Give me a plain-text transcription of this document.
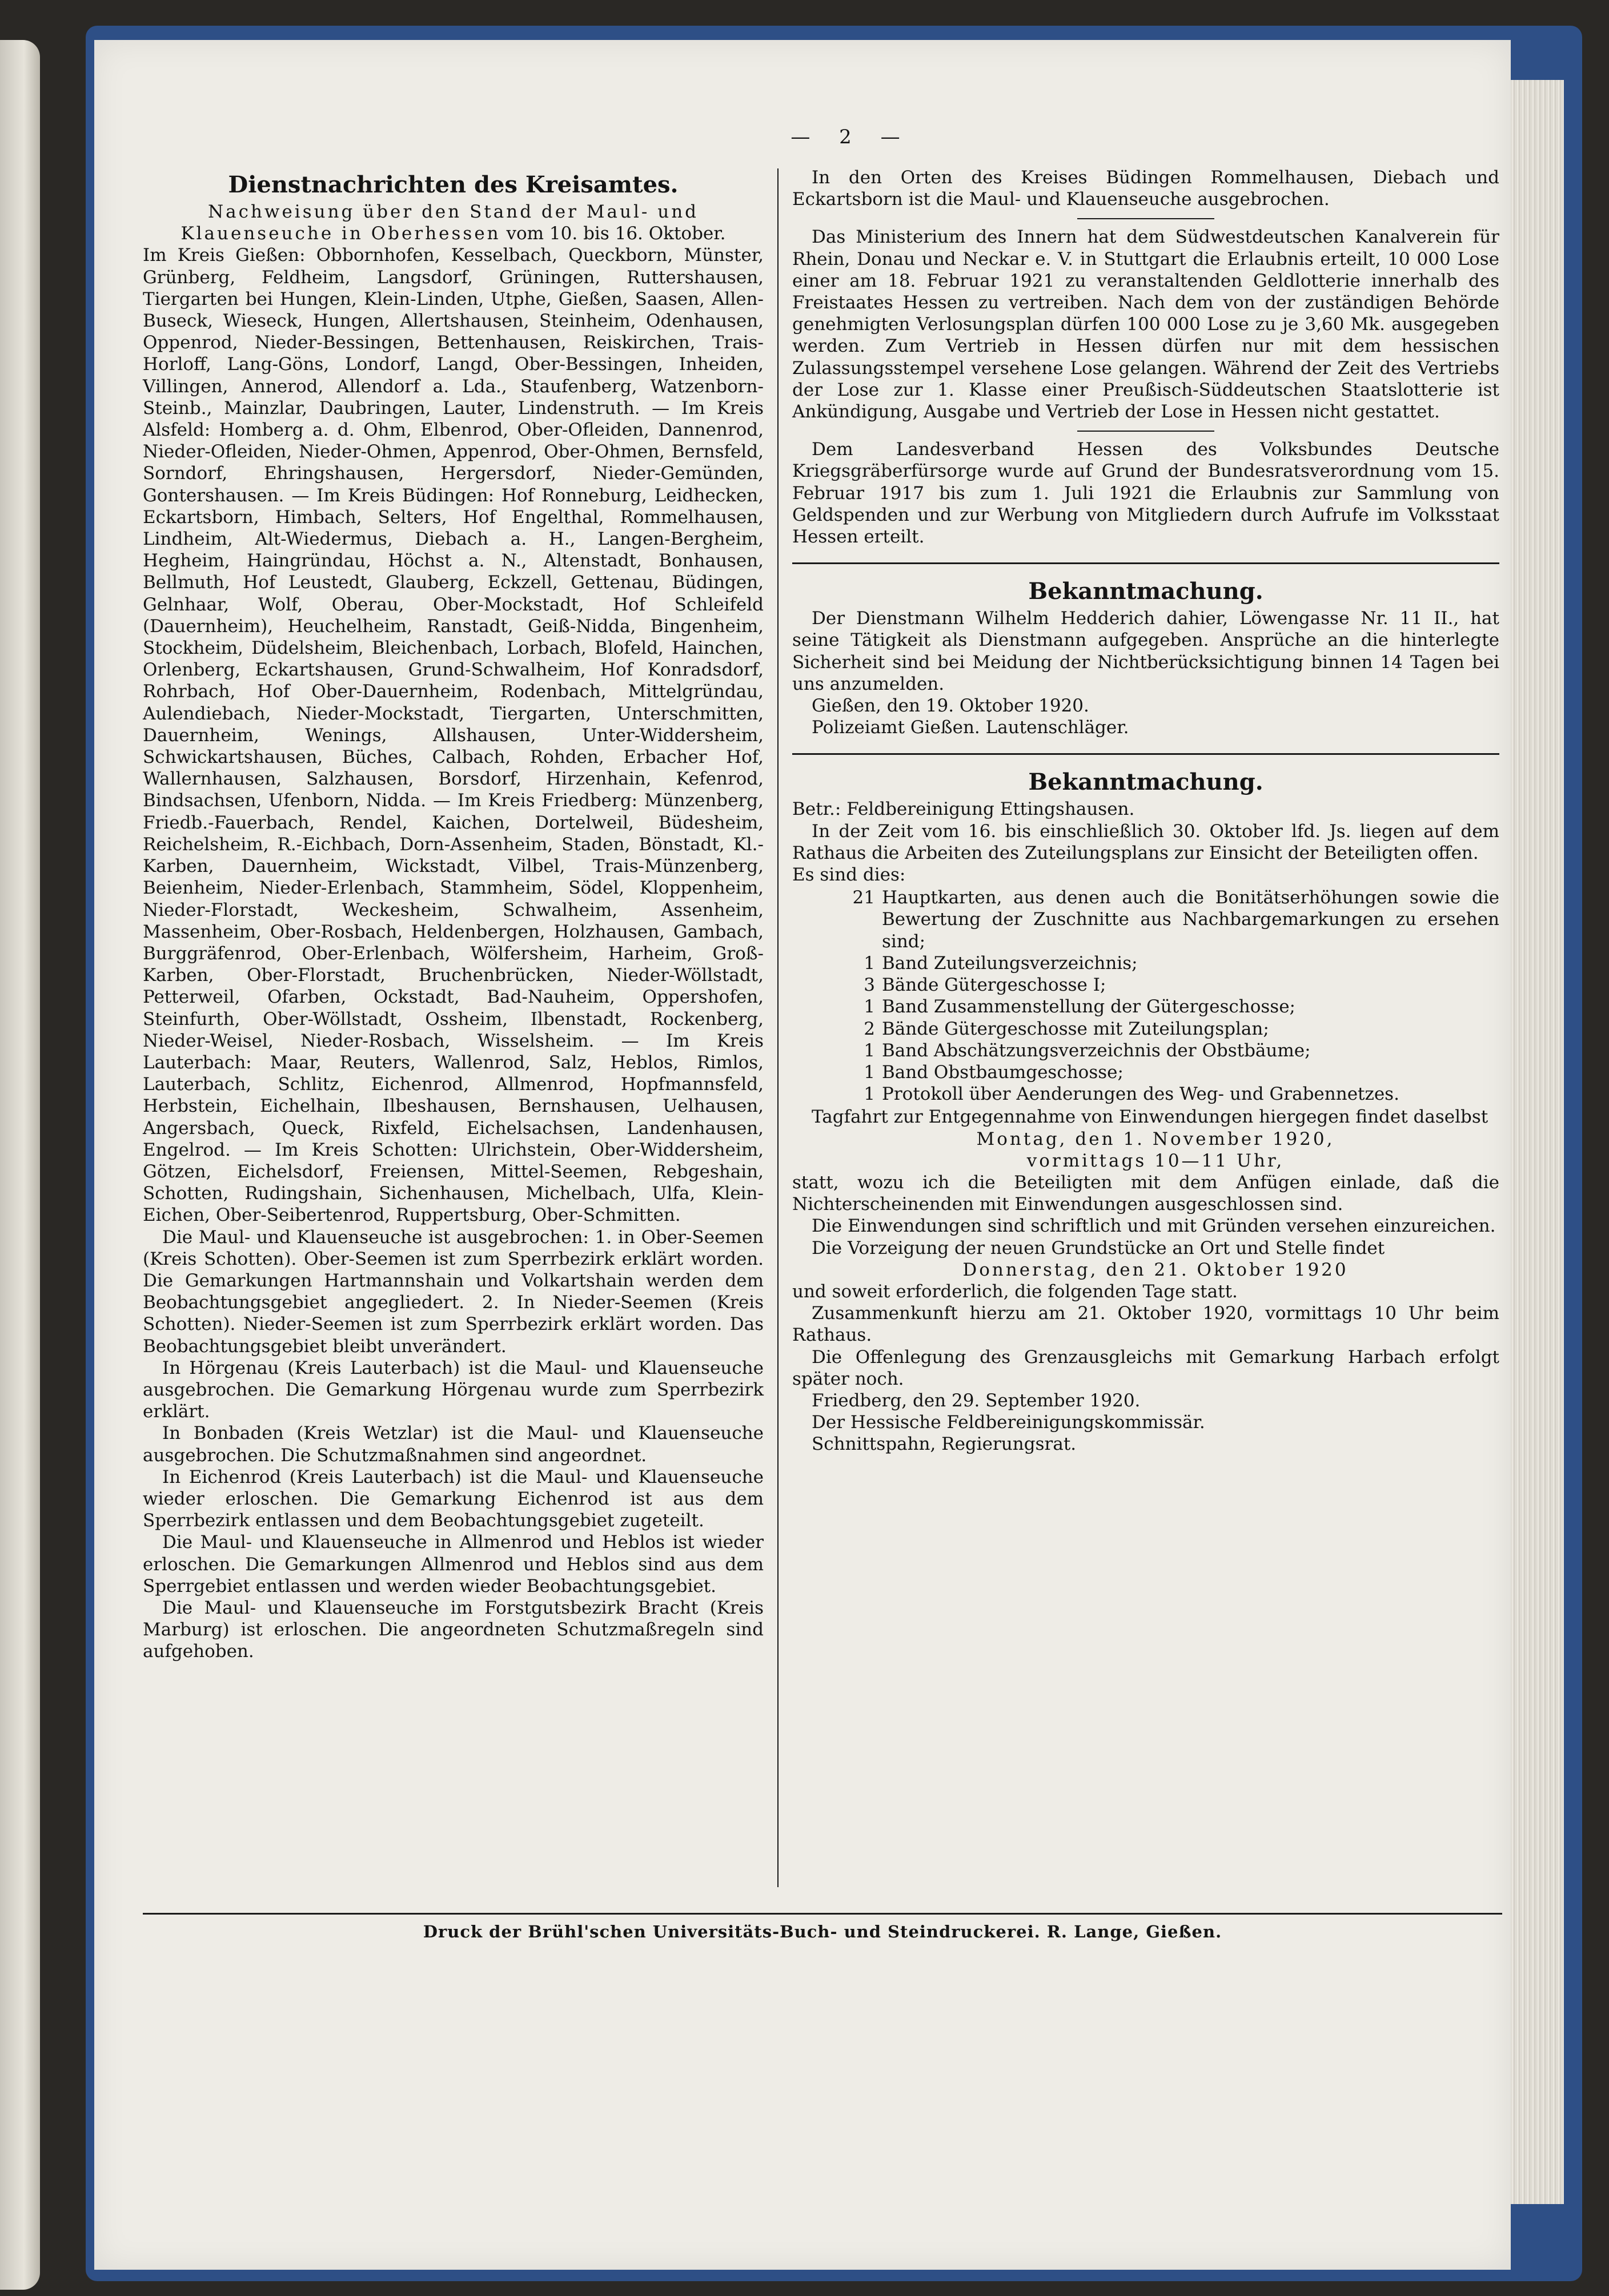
— 2 —
Dienstnachrichten des Kreisamtes.

Nachweisung über den Stand der Maul- und Klauenseuche in Oberhessen vom 10. bis 16. Oktober.

Im Kreis Gießen: Obbornhofen, Kesselbach, Queckborn, Münster, Grünberg, Feldheim, Langsdorf, Grüningen, Ruttershausen, Tiergarten bei Hungen, Klein-Linden, Utphe, Gießen, Saasen, Allen-Buseck, Wieseck, Hungen, Allertshausen, Steinheim, Odenhausen, Oppenrod, Nieder-Bessingen, Bettenhausen, Reiskirchen, Trais-Horloff, Lang-Göns, Londorf, Langd, Ober-Bessingen, Inheiden, Villingen, Annerod, Allendorf a. Lda., Staufenberg, Watzenborn-Steinb., Mainzlar, Daubringen, Lauter, Lindenstruth. — Im Kreis Alsfeld: Homberg a. d. Ohm, Elbenrod, Ober-Ofleiden, Dannenrod, Nieder-Ofleiden, Nieder-Ohmen, Appenrod, Ober-Ohmen, Bernsfeld, Sorndorf, Ehringshausen, Hergersdorf, Nieder-Gemünden, Gontershausen. — Im Kreis Büdingen: Hof Ronneburg, Leidhecken, Eckartsborn, Himbach, Selters, Hof Engelthal, Rommelhausen, Lindheim, Alt-Wiedermus, Diebach a. H., Langen-Bergheim, Hegheim, Haingründau, Höchst a. N., Altenstadt, Bonhausen, Bellmuth, Hof Leustedt, Glauberg, Eckzell, Gettenau, Büdingen, Gelnhaar, Wolf, Oberau, Ober-Mockstadt, Hof Schleifeld (Dauernheim), Heuchelheim, Ranstadt, Geiß-Nidda, Bingenheim, Stockheim, Düdelsheim, Bleichenbach, Lorbach, Blofeld, Hainchen, Orlenberg, Eckartshausen, Grund-Schwalheim, Hof Konradsdorf, Rohrbach, Hof Ober-Dauernheim, Rodenbach, Mittelgründau, Aulendiebach, Nieder-Mockstadt, Tiergarten, Unterschmitten, Dauernheim, Wenings, Allshausen, Unter-Widdersheim, Schwickartshausen, Büches, Calbach, Rohden, Erbacher Hof, Wallernhausen, Salzhausen, Borsdorf, Hirzenhain, Kefenrod, Bindsachsen, Ufenborn, Nidda. — Im Kreis Friedberg: Münzenberg, Friedb.-Fauerbach, Rendel, Kaichen, Dortelweil, Büdesheim, Reichelsheim, R.-Eichbach, Dorn-Assenheim, Staden, Bönstadt, Kl.-Karben, Dauernheim, Wickstadt, Vilbel, Trais-Münzenberg, Beienheim, Nieder-Erlenbach, Stammheim, Södel, Kloppenheim, Nieder-Florstadt, Weckesheim, Schwalheim, Assenheim, Massenheim, Ober-Rosbach, Heldenbergen, Holzhausen, Gambach, Burggräfenrod, Ober-Erlenbach, Wölfersheim, Harheim, Groß-Karben, Ober-Florstadt, Bruchenbrücken, Nieder-Wöllstadt, Petterweil, Ofarben, Ockstadt, Bad-Nauheim, Oppershofen, Steinfurth, Ober-Wöllstadt, Ossheim, Ilbenstadt, Rockenberg, Nieder-Weisel, Nieder-Rosbach, Wisselsheim. — Im Kreis Lauterbach: Maar, Reuters, Wallenrod, Salz, Heblos, Rimlos, Lauterbach, Schlitz, Eichenrod, Allmenrod, Hopfmannsfeld, Herbstein, Eichelhain, Ilbeshausen, Bernshausen, Uelhausen, Angersbach, Queck, Rixfeld, Eichelsachsen, Landenhausen, Engelrod. — Im Kreis Schotten: Ulrichstein, Ober-Widdersheim, Götzen, Eichelsdorf, Freiensen, Mittel-Seemen, Rebgeshain, Schotten, Rudingshain, Sichenhausen, Michelbach, Ulfa, Klein-Eichen, Ober-Seibertenrod, Ruppertsburg, Ober-Schmitten.

Die Maul- und Klauenseuche ist ausgebrochen: 1. in Ober-Seemen (Kreis Schotten). Ober-Seemen ist zum Sperrbezirk erklärt worden. Die Gemarkungen Hartmannshain und Volkartshain werden dem Beobachtungsgebiet angegliedert. 2. In Nieder-Seemen (Kreis Schotten). Nieder-Seemen ist zum Sperrbezirk erklärt worden. Das Beobachtungsgebiet bleibt unverändert.

In Hörgenau (Kreis Lauterbach) ist die Maul- und Klauenseuche ausgebrochen. Die Gemarkung Hörgenau wurde zum Sperrbezirk erklärt.

In Bonbaden (Kreis Wetzlar) ist die Maul- und Klauenseuche ausgebrochen. Die Schutzmaßnahmen sind angeordnet.

In Eichenrod (Kreis Lauterbach) ist die Maul- und Klauenseuche wieder erloschen. Die Gemarkung Eichenrod ist aus dem Sperrbezirk entlassen und dem Beobachtungsgebiet zugeteilt.

Die Maul- und Klauenseuche in Allmenrod und Heblos ist wieder erloschen. Die Gemarkungen Allmenrod und Heblos sind aus dem Sperrgebiet entlassen und werden wieder Beobachtungsgebiet.

Die Maul- und Klauenseuche im Forstgutsbezirk Bracht (Kreis Marburg) ist erloschen. Die angeordneten Schutzmaßregeln sind aufgehoben.

In den Orten des Kreises Büdingen Rommelhausen, Diebach und Eckartsborn ist die Maul- und Klauenseuche ausgebrochen.

Das Ministerium des Innern hat dem Südwestdeutschen Kanalverein für Rhein, Donau und Neckar e. V. in Stuttgart die Erlaubnis erteilt, 10 000 Lose einer am 18. Februar 1921 zu veranstaltenden Geldlotterie innerhalb des Freistaates Hessen zu vertreiben. Nach dem von der zuständigen Behörde genehmigten Verlosungsplan dürfen 100 000 Lose zu je 3,60 Mk. ausgegeben werden. Zum Vertrieb in Hessen dürfen nur mit dem hessischen Zulassungsstempel versehene Lose gelangen. Während der Zeit des Vertriebs der Lose zur 1. Klasse einer Preußisch-Süddeutschen Staatslotterie ist Ankündigung, Ausgabe und Vertrieb der Lose in Hessen nicht gestattet.

Dem Landesverband Hessen des Volksbundes Deutsche Kriegsgräberfürsorge wurde auf Grund der Bundesratsverordnung vom 15. Februar 1917 bis zum 1. Juli 1921 die Erlaubnis zur Sammlung von Geldspenden und zur Werbung von Mitgliedern durch Aufrufe im Volksstaat Hessen erteilt.

Bekanntmachung.

Der Dienstmann Wilhelm Hedderich dahier, Löwengasse Nr. 11 II., hat seine Tätigkeit als Dienstmann aufgegeben. Ansprüche an die hinterlegte Sicherheit sind bei Meidung der Nichtberücksichtigung binnen 14 Tagen bei uns anzumelden.

Gießen, den 19. Oktober 1920.

Polizeiamt Gießen. Lautenschläger.

Bekanntmachung.

Betr.: Feldbereinigung Ettingshausen.

In der Zeit vom 16. bis einschließlich 30. Oktober lfd. Js. liegen auf dem Rathaus die Arbeiten des Zuteilungsplans zur Einsicht der Beteiligten offen.

Es sind dies:

21 Hauptkarten, aus denen auch die Bonitätserhöhungen sowie die Bewertung der Zuschnitte aus Nachbargemarkungen zu ersehen sind;
1 Band Zuteilungsverzeichnis;
3 Bände Gütergeschosse I;
1 Band Zusammenstellung der Gütergeschosse;
2 Bände Gütergeschosse mit Zuteilungsplan;
1 Band Abschätzungsverzeichnis der Obstbäume;
1 Band Obstbaumgeschosse;
1 Protokoll über Aenderungen des Weg- und Grabennetzes.

Tagfahrt zur Entgegennahme von Einwendungen hiergegen findet daselbst

Montag, den 1. November 1920,

vormittags 10—11 Uhr,

statt, wozu ich die Beteiligten mit dem Anfügen einlade, daß die Nichterscheinenden mit Einwendungen ausgeschlossen sind.

Die Einwendungen sind schriftlich und mit Gründen versehen einzureichen.

Die Vorzeigung der neuen Grundstücke an Ort und Stelle findet

Donnerstag, den 21. Oktober 1920

und soweit erforderlich, die folgenden Tage statt.

Zusammenkunft hierzu am 21. Oktober 1920, vormittags 10 Uhr beim Rathaus.

Die Offenlegung des Grenzausgleichs mit Gemarkung Harbach erfolgt später noch.

Friedberg, den 29. September 1920.

Der Hessische Feldbereinigungskommissär.

Schnittspahn, Regierungsrat.

Druck der Brühl'schen Universitäts-Buch- und Steindruckerei. R. Lange, Gießen.
